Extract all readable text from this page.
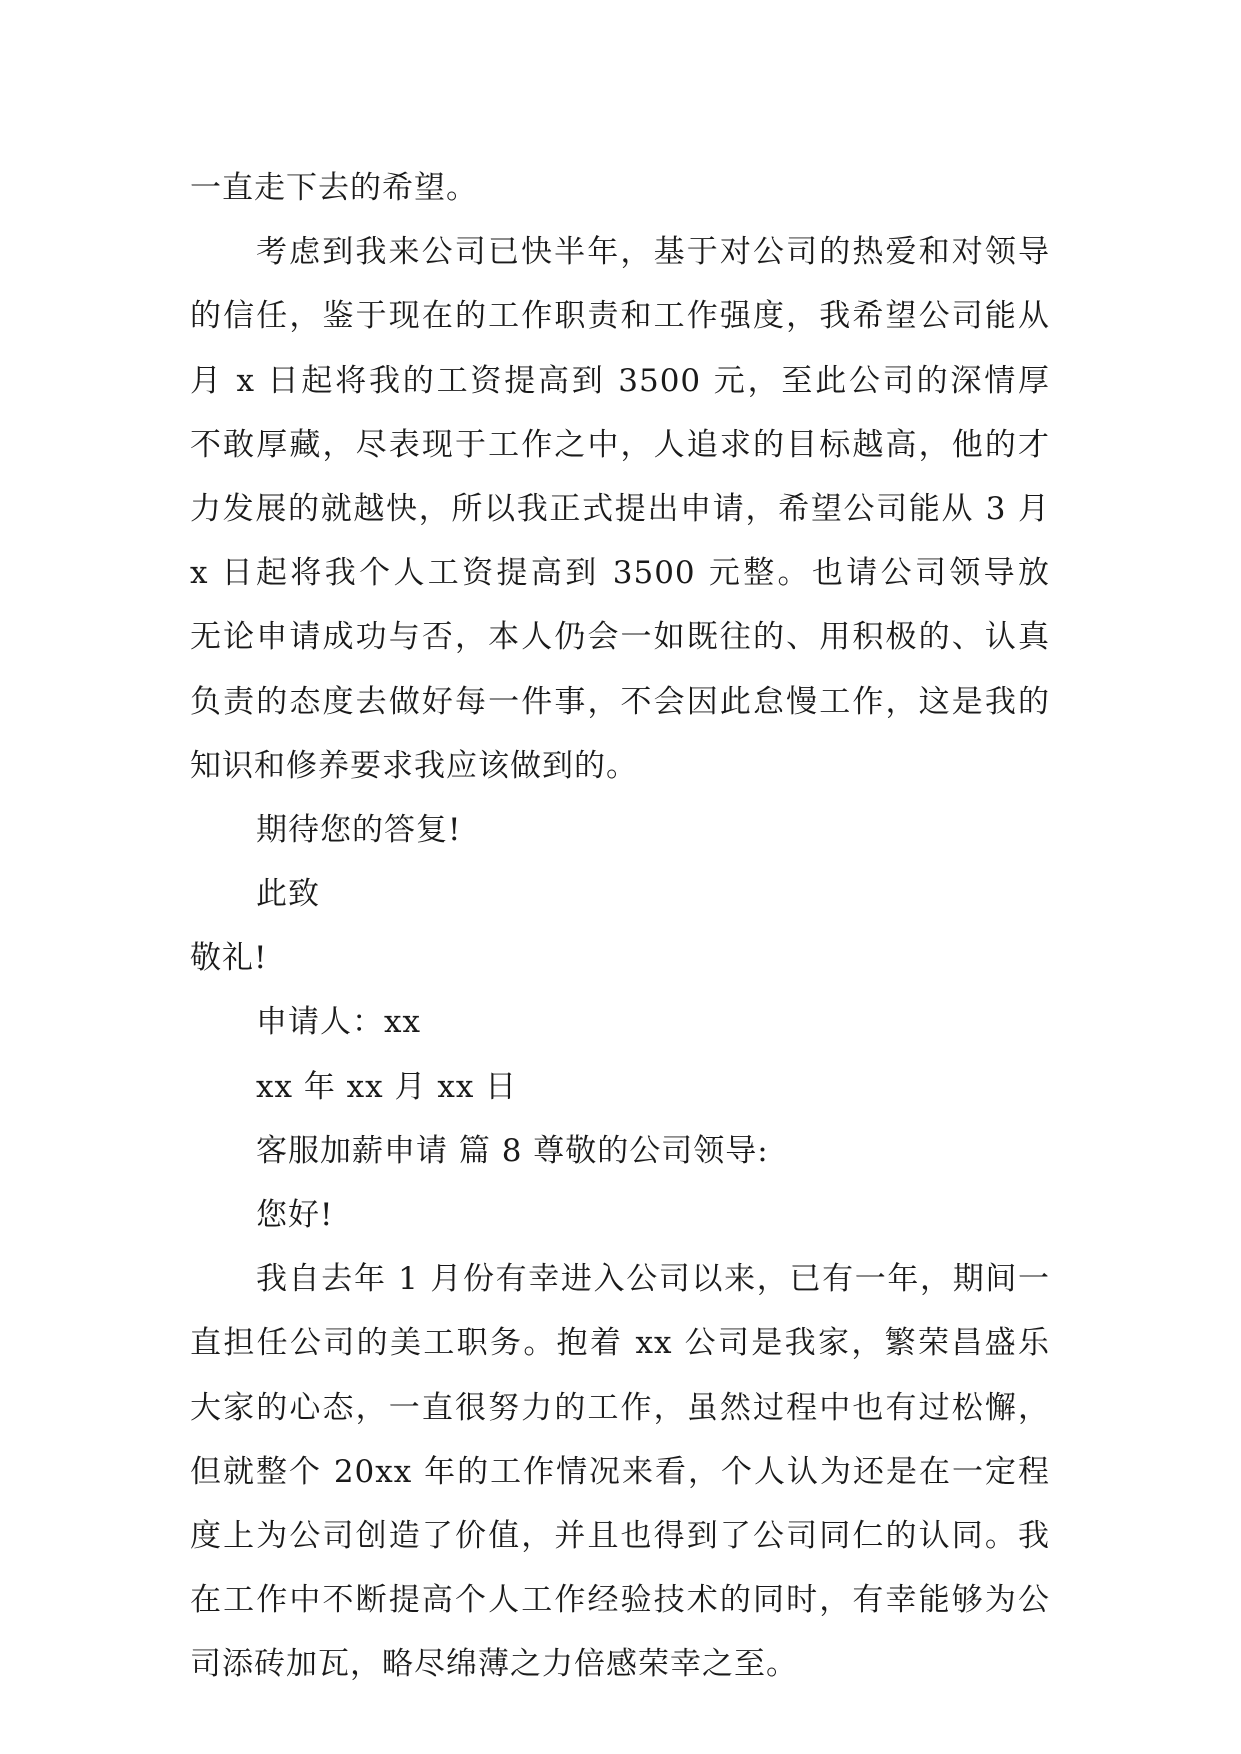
一直走下去的希望。
考虑到我来公司已快半年，基于对公司的热爱和对领导
的信任，鉴于现在的工作职责和工作强度，我希望公司能从
月 x 日起将我的工资提高到 3500 元，至此公司的深情厚
不敢厚藏，尽表现于工作之中，人追求的目标越高，他的才
力发展的就越快，所以我正式提出申请，希望公司能从 3 月
x 日起将我个人工资提高到 3500 元整。也请公司领导放
无论申请成功与否，本人仍会一如既往的、用积极的、认真
负责的态度去做好每一件事，不会因此怠慢工作，这是我的
知识和修养要求我应该做到的。
期待您的答复!
此致
敬礼!
申请人：xx
xx 年 xx 月 xx 日
客服加薪申请 篇 8 尊敬的公司领导:
您好!
我自去年 1 月份有幸进入公司以来，已有一年，期间一
直担任公司的美工职务。抱着 xx 公司是我家，繁荣昌盛乐
大家的心态，一直很努力的工作，虽然过程中也有过松懈，
但就整个 20xx 年的工作情况来看，个人认为还是在一定程
度上为公司创造了价值，并且也得到了公司同仁的认同。我
在工作中不断提高个人工作经验技术的同时，有幸能够为公
司添砖加瓦，略尽绵薄之力倍感荣幸之至。
